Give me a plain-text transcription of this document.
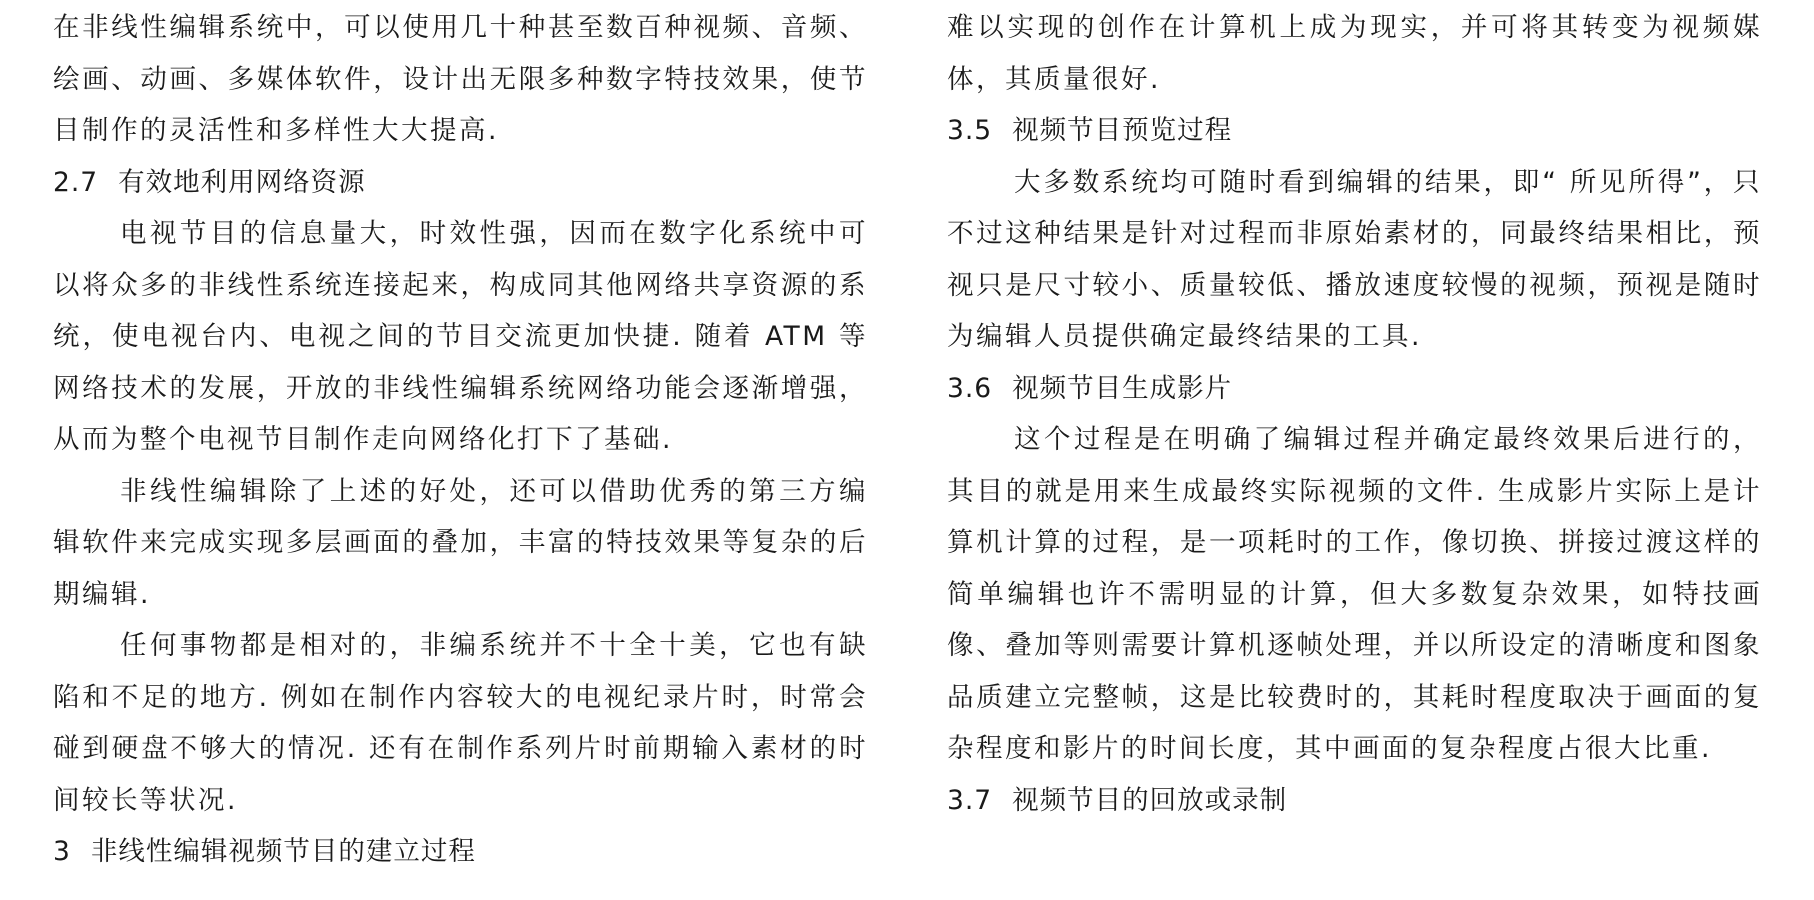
在非线性编辑系统中，可以使用几十种甚至数百种视频、音频、绘画、动画、多媒体软件，设计出无限多种数字特技效果，使节目制作的灵活性和多样性大大提高.

2.7 有效地利用网络资源

电视节目的信息量大，时效性强，因而在数字化系统中可以将众多的非线性系统连接起来，构成同其他网络共享资源的系统，使电视台内、电视之间的节目交流更加快捷. 随着 ATM 等网络技术的发展，开放的非线性编辑系统网络功能会逐渐增强，从而为整个电视节目制作走向网络化打下了基础.

非线性编辑除了上述的好处，还可以借助优秀的第三方编辑软件来完成实现多层画面的叠加，丰富的特技效果等复杂的后期编辑.

任何事物都是相对的，非编系统并不十全十美，它也有缺陷和不足的地方. 例如在制作内容较大的电视纪录片时，时常会碰到硬盘不够大的情况. 还有在制作系列片时前期输入素材的时间较长等状况.

3 非线性编辑视频节目的建立过程

难以实现的创作在计算机上成为现实，并可将其转变为视频媒体，其质量很好.

3.5 视频节目预览过程

大多数系统均可随时看到编辑的结果，即“ 所见所得”，只不过这种结果是针对过程而非原始素材的，同最终结果相比，预视只是尺寸较小、质量较低、播放速度较慢的视频，预视是随时为编辑人员提供确定最终结果的工具.

3.6 视频节目生成影片

这个过程是在明确了编辑过程并确定最终效果后进行的，其目的就是用来生成最终实际视频的文件. 生成影片实际上是计算机计算的过程，是一项耗时的工作，像切换、拼接过渡这样的简单编辑也许不需明显的计算，但大多数复杂效果，如特技画像、叠加等则需要计算机逐帧处理，并以所设定的清晰度和图象品质建立完整帧，这是比较费时的，其耗时程度取决于画面的复杂程度和影片的时间长度，其中画面的复杂程度占很大比重.

3.7 视频节目的回放或录制
